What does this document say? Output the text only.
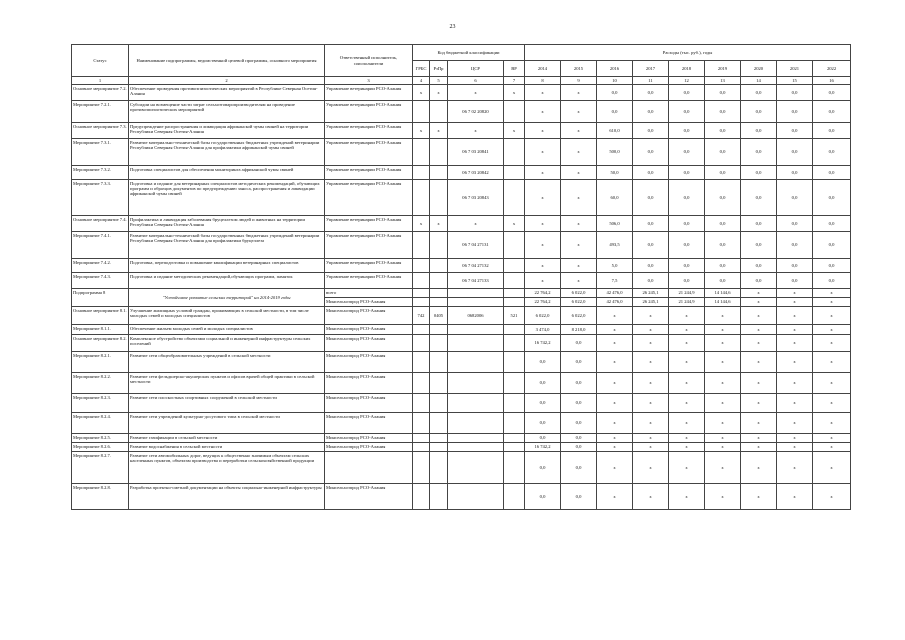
23
Статус	Наименование подпрограммы, ведомственной целевой программы, основного мероприятия	Ответственный исполнитель, соисполнители	Код бюджетной классификации				Расходы (тыс. руб.), годы								
			ГРБС	РзПр	ЦСР	ВР	2014	2015	2016	2017	2018	2019	2020	2021	2022
1	2	3	4	5	6	7	8	9	10	11	12	13	14	15	16
Основное мероприятие 7.2.	Обеспечение проведения противоэпизоотических мероприятий в Республике Северная Осетия-Алания	Управление ветеринарии РСО-Алания	х	х	х	х	х	х	0,0	0,0	0,0	0,0	0,0	0,0	0,0
Мероприятие 7.2.1.	Субсидии на возмещение части затрат сельхозтоваропроизводителям на проведение противоэпизоотических мероприятий	Управление ветеринарии РСО-Алания			06 7 02 20820		х	х	0,0	0,0	0,0	0,0	0,0	0,0	0,0
Основное мероприятие 7.3.	Предупреждение распространения и ликвидация африканской чумы свиней на территории Республики Северная Осетия-Алания	Управление ветеринарии РСО-Алания	х	х	х	х	х	х	610,0	0,0	0,0	0,0	0,0	0,0	0,0
Мероприятие 7.3.1.	Развитие материально-технической базы государственных бюджетных учреждений ветеринарии Республики Северная Осетия-Алания для профилактики африканской чумы свиней	Управление ветеринарии РСО-Алания			06 7 03 20841		х	х	500,0	0,0	0,0	0,0	0,0	0,0	0,0
Мероприятие 7.3.2.	Подготовка специалистов для обеспечения мониторинга африканской чумы свиней	Управление ветеринарии РСО-Алания			06 7 03 20842		х	х	50,0	0,0	0,0	0,0	0,0	0,0	0,0
Мероприятие 7.3.3.	Подготовка и издание для ветеринарных специалистов методических рекомендаций, обучающих программ и образцов документов по предупреждению заноса, распространения и ликвидации африканской чумы свиней	Управление ветеринарии РСО-Алания			06 7 03 20843		х	х	60,0	0,0	0,0	0,0	0,0	0,0	0,0
Основное мероприятие 7.4.	Профилактика и ликвидация заболевания бруцеллезом людей и животных на территории Республики Северная Осетия-Алания	Управление ветеринарии РСО-Алания	х	х	х	х	х	х	506,0	0,0	0,0	0,0	0,0	0,0	0,0
Мероприятие 7.4.1.	Развитие материально-технической базы государственных бюджетных учреждений ветеринарии Республики Северная Осетия-Алания для профилактики бруцеллеза	Управление ветеринарии РСО-Алания			06 7 04 27131		х	х	493,5	0,0	0,0	0,0	0,0	0,0	0,0
Мероприятие 7.4.2.	Подготовка, переподготовка и повышение квалификации ветеринарных специалистов	Управление ветеринарии РСО-Алания			06 7 04 27132		х	х	5,0	0,0	0,0	0,0	0,0	0,0	0,0
Мероприятие 7.4.3.	Подготовка и издание методических рекомендаций,обучающих программ, памяток	Управление ветеринарии РСО-Алания			06 7 04 27133		х	х	7,5	0,0	0,0	0,0	0,0	0,0	0,0
Подпрограмма 8	"Устойчивое развитие сельских территорий" на 2014-2019 годы	всего					22 764,2	6 022,0	42 476,0	26 245,1	21 244,9	14 144,6	х	х	х
		Минсельхозпрод РСО-Алания					22 764,2	6 022,0	42 476,0	26 245,1	21 244,9	14 144,6	х	х	х
Основное мероприятие 8.1.	Улучшение жилищных условий граждан, проживающих в сельской местности, в том числе молодых семей и молодых специалистов	Минсельхозпрод РСО-Алания	742	0405	0682006	521	6 022,0	6 022,0	х	х	х	х	х	х	х
Мероприятие 8.1.1.	Обеспечение жильем молодых семей и молодых специалистов	Минсельхозпрод РСО-Алания					3 474,0	8 218,0	х	х	х	х	х	х	х
Основное мероприятие 8.2.	Комплексное обустройство объектами социальной и инженерной инфраструктуры сельских поселений	Минсельхозпрод РСО-Алания					16 742,2	0,0	х	х	х	х	х	х	х
Мероприятие 8.2.1.	Развитие сети общеобразовательных учреждений в сельской местности	Минсельхозпрод РСО-Алания					0,0	0,0	х	х	х	х	х	х	х
Мероприятие 8.2.2.	Развитие сети фельдшерско-акушерских пунктов и офисов врачей общей практики в сельской местности	Минсельхозпрод РСО-Алания					0,0	0,0	х	х	х	х	х	х	х
Мероприятие 8.2.3.	Развитие сети плоскостных спортивных сооружений в сельской местности	Минсельхозпрод РСО-Алания					0,0	0,0	х	х	х	х	х	х	х
Мероприятие 8.2.4.	Развитие сети учреждений культурно-досугового типа в сельской местности	Минсельхозпрод РСО-Алания					0,0	0,0	х	х	х	х	х	х	х
Мероприятие 8.2.5.	Развитие газификации в сельской местности	Минсельхозпрод РСО-Алания					0,0	0,0	х	х	х	х	х	х	х
Мероприятие 8.2.6.	Развитие водоснабжения в сельской местности	Минсельхозпрод РСО-Алания					16 742,2	0,0	х	х	х	х	х	х	х
Мероприятие 8.2.7.	Развитие сети автомобильных дорог, ведущих к общественно значимым объектам сельских населенных пунктов, объектам производства и переработки сельскохозяйственной продукции						0,0	0,0	х	х	х	х	х	х	х
Мероприятие 8.2.8.	Разработка проектно-сметной документации на объекты социально-инженерной инфраструктуры	Минсельхозпрод РСО-Алания					0,0	0,0	х	х	х	х	х	х	х
